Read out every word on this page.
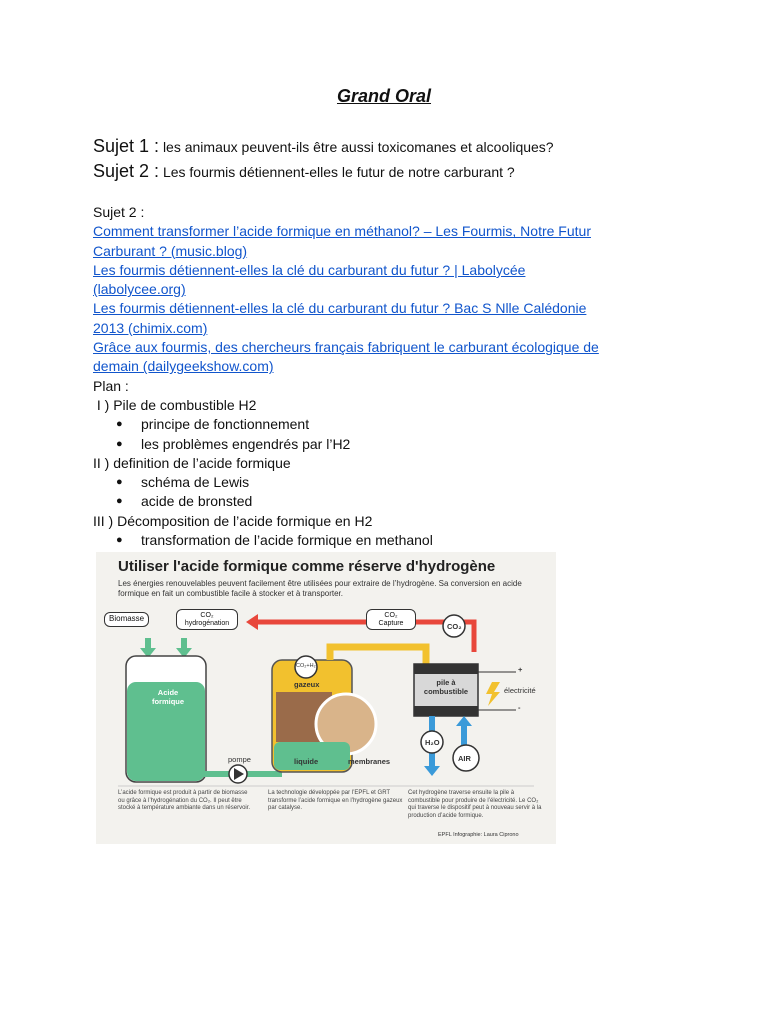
Grand Oral
Sujet 1 : les animaux peuvent-ils être aussi toxicomanes et alcooliques?
Sujet 2 : Les fourmis détiennent-elles le futur de notre carburant ?
Sujet 2 :
Comment transformer l’acide formique en méthanol? – Les Fourmis, Notre Futur
Carburant ? (music.blog)
Les fourmis détiennent-elles la clé du carburant du futur ? | Labolycée
(labolycee.org)
Les fourmis détiennent-elles la clé du carburant du futur ? Bac S Nlle Calédonie
2013 (chimix.com)
Grâce aux fourmis, des chercheurs français fabriquent le carburant écologique de
demain (dailygeekshow.com)
Plan :
I ) Pile de combustible H2
● principe de fonctionnement
● les problèmes engendrés par l’H2
II ) definition de l’acide formique
● schéma de Lewis
● acide de bronsted
III ) Décomposition de l’acide formique en H2
● transformation de l’acide formique en methanol
Utiliser l'acide formique comme réserve d'hydrogène
Les énergies renouvelables peuvent facilement être utilisées pour extraire de l’hydrogène. Sa conversion en acide formique en fait un combustible facile à stocker et à transporter.
Biomasse	CO₂ hydrogénation
CO₂ Capture	CO₂
Acide formique
CO₂+H₂
gazeux
liquide	membranes
pompe
pile à combustible	électricité
+
-
H₂O
AIR
L’acide formique est produit à partir de biomasse ou grâce à l’hydrogénation du CO₂. Il peut être stocké à température ambiante dans un réservoir.
La technologie développée par l’EPFL et GRT transforme l’acide formique en l’hydrogène gazeux par catalyse.
Cet hydrogène traverse ensuite la pile à combustible pour produire de l’électricité. Le CO₂ qui traverse le dispositif peut à nouveau servir à la production d’acide formique.
EPFL Infographie: Laura Ciprono
